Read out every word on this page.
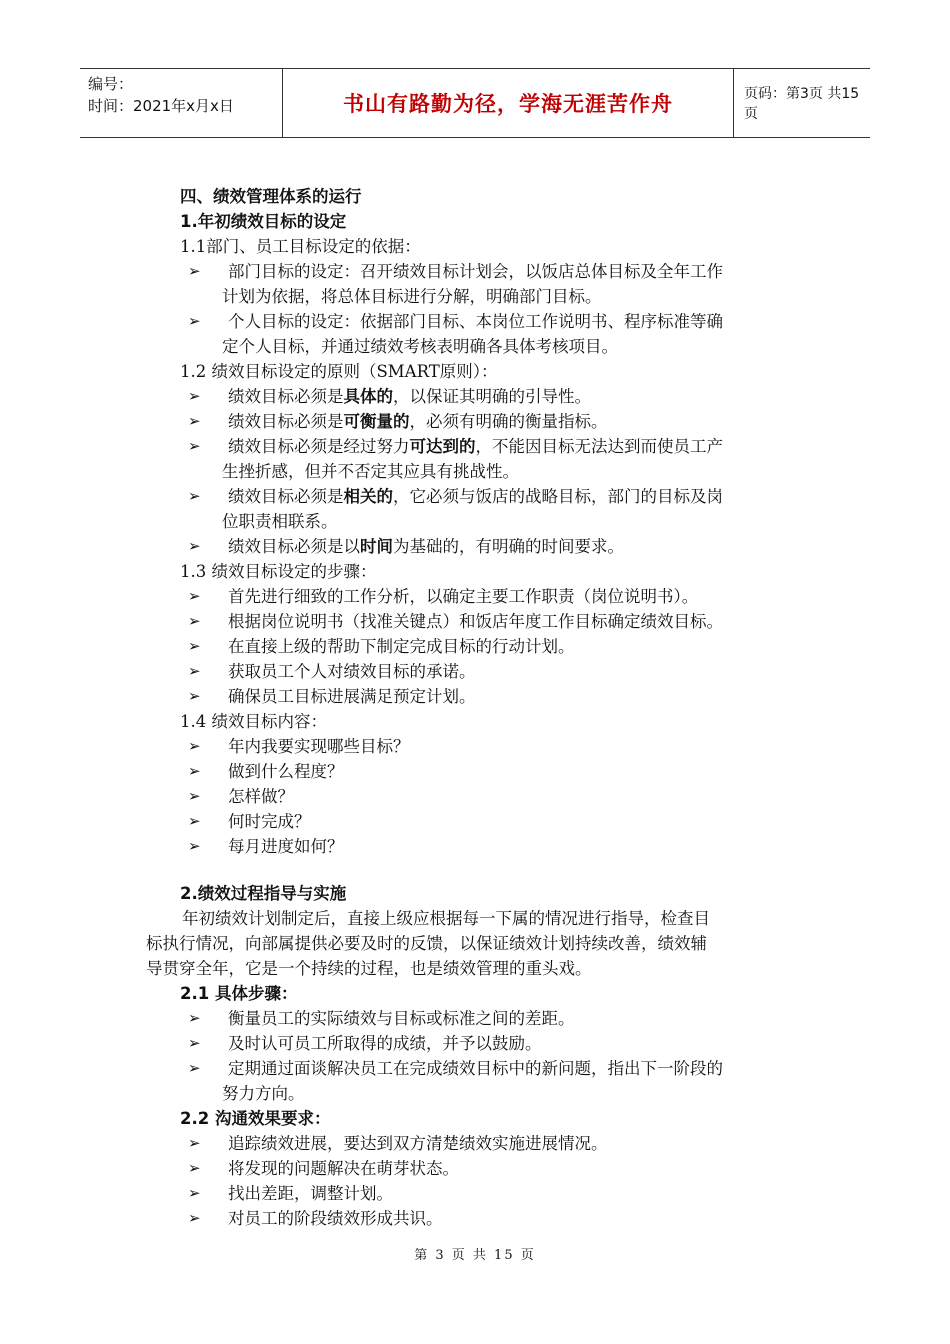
编号：
时间：2021年x月x日	书山有路勤为径，学海无涯苦作舟	页码：第3页 共15页
四、绩效管理体系的运行
1.年初绩效目标的设定
1.1部门、员工目标设定的依据：
➢ 部门目标的设定：召开绩效目标计划会，以饭店总体目标及全年工作
计划为依据，将总体目标进行分解，明确部门目标。
➢ 个人目标的设定：依据部门目标、本岗位工作说明书、程序标准等确
定个人目标，并通过绩效考核表明确各具体考核项目。
1.2 绩效目标设定的原则（SMART原则）：
➢ 绩效目标必须是具体的，以保证其明确的引导性。
➢ 绩效目标必须是可衡量的，必须有明确的衡量指标。
➢ 绩效目标必须是经过努力可达到的，不能因目标无法达到而使员工产
生挫折感，但并不否定其应具有挑战性。
➢ 绩效目标必须是相关的，它必须与饭店的战略目标，部门的目标及岗
位职责相联系。
➢ 绩效目标必须是以时间为基础的，有明确的时间要求。
1.3 绩效目标设定的步骤：
➢ 首先进行细致的工作分析，以确定主要工作职责（岗位说明书）。
➢ 根据岗位说明书（找准关键点）和饭店年度工作目标确定绩效目标。
➢ 在直接上级的帮助下制定完成目标的行动计划。
➢ 获取员工个人对绩效目标的承诺。
➢ 确保员工目标进展满足预定计划。
1.4 绩效目标内容：
➢ 年内我要实现哪些目标？
➢ 做到什么程度？
➢ 怎样做？
➢ 何时完成？
➢ 每月进度如何？
2.绩效过程指导与实施
年初绩效计划制定后，直接上级应根据每一下属的情况进行指导，检查目
标执行情况，向部属提供必要及时的反馈，以保证绩效计划持续改善，绩效辅
导贯穿全年，它是一个持续的过程，也是绩效管理的重头戏。
2.1 具体步骤：
➢ 衡量员工的实际绩效与目标或标准之间的差距。
➢ 及时认可员工所取得的成绩，并予以鼓励。
➢ 定期通过面谈解决员工在完成绩效目标中的新问题，指出下一阶段的
努力方向。
2.2 沟通效果要求：
➢ 追踪绩效进展，要达到双方清楚绩效实施进展情况。
➢ 将发现的问题解决在萌芽状态。
➢ 找出差距，调整计划。
➢ 对员工的阶段绩效形成共识。
第 3 页 共 15 页
